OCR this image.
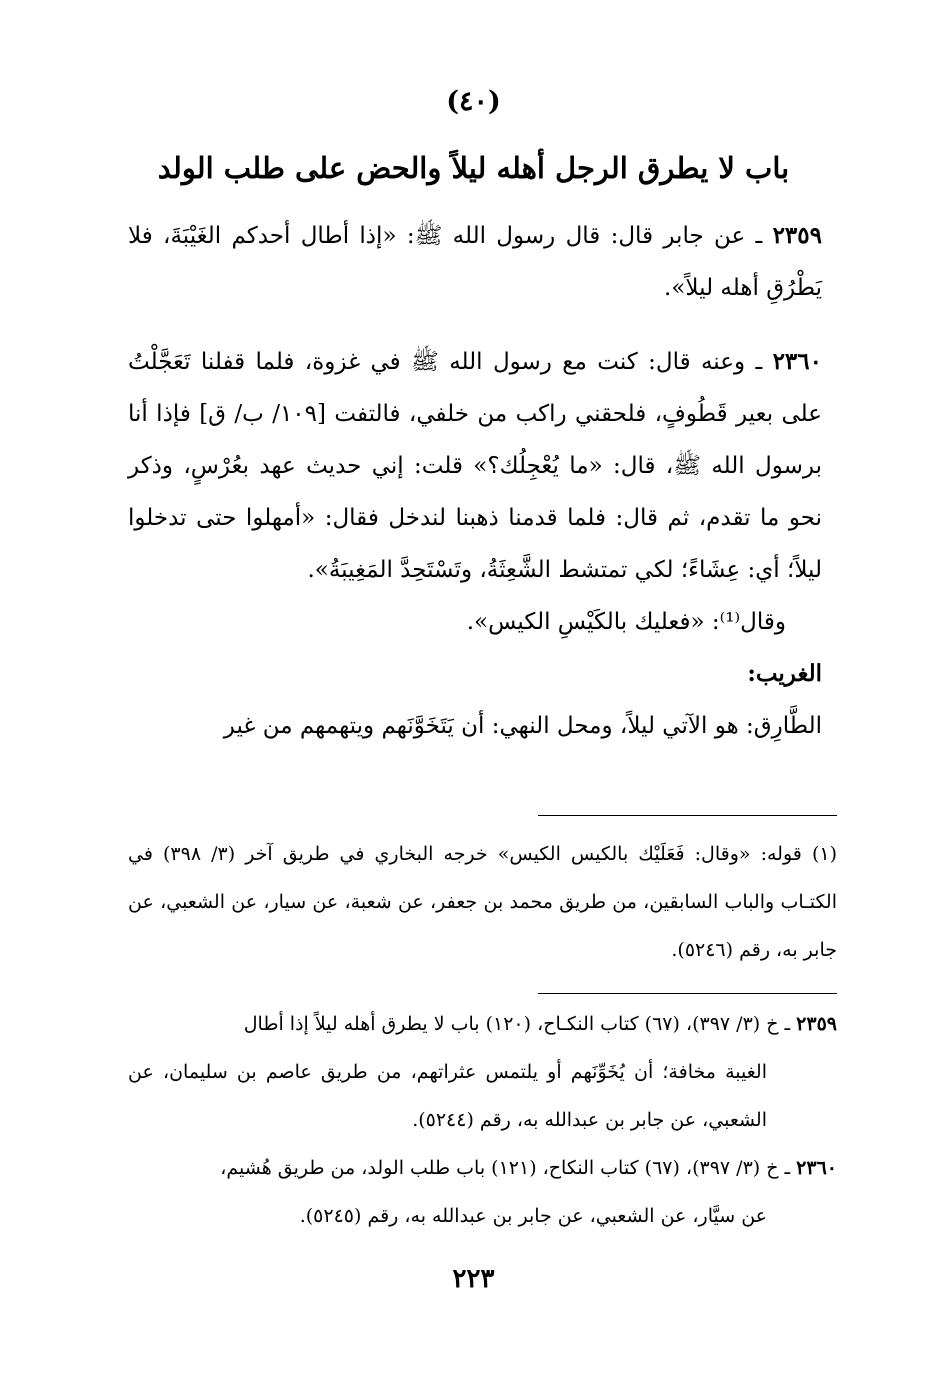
(٤٠)
باب لا يطرق الرجل أهله ليلاً والحض على طلب الولد

٢٣٥٩ ـ عن جابر قال: قال رسول الله ﷺ: «إذا أطال أحدكم الغَيْبَةَ، فلا يَطْرُقِ أهله ليلاً».

٢٣٦٠ ـ وعنه قال: كنت مع رسول الله ﷺ في غزوة، فلما قفلنا تَعَجَّلْتُ على بعير قَطُوفٍ، فلحقني راكب من خلفي، فالتفت [١٠٩/ ب/ ق] فإذا أنا برسول الله ﷺ، قال: «ما يُعْجِلُك؟» قلت: إني حديث عهد بعُرْسٍ، وذكر نحو ما تقدم، ثم قال: فلما قدمنا ذهبنا لندخل فقال: «أمهلوا حتى تدخلوا ليلاً؛ أي: عِشَاءً؛ لكي تمتشط الشَّعِثَةُ، وتَسْتَحِدَّ المَغِيبَةُ».

وقال⁽¹⁾: «فعليك بالكَيْسِ الكيس».

الغريب:

الطَّارِق: هو الآتي ليلاً، ومحل النهي: أن يَتَخَوَّنَهم ويتهمهم من غير

(١) قوله: «وقال: فَعَلَيْك بالكيس الكيس» خرجه البخاري في طريق آخر (٣/ ٣٩٨) في الكتـاب والباب السابقين، من طريق محمد بن جعفر، عن شعبة، عن سيار، عن الشعبي، عن جابر به، رقم (٥٢٤٦).

٢٣٥٩ ـ خ (٣/ ٣٩٧)، (٦٧) كتاب النكـاح، (١٢٠) باب لا يطرق أهله ليلاً إذا أطال

الغيبة مخافة؛ أن يُخَوِّنَهم أو يلتمس عثراتهم، من طريق عاصم بن سليمان، عن الشعبي، عن جابر بن عبدالله به، رقم (٥٢٤٤).

٢٣٦٠ ـ خ (٣/ ٣٩٧)، (٦٧) كتاب النكاح، (١٢١) باب طلب الولد، من طريق هُشيم،

عن سيَّار، عن الشعبي، عن جابر بن عبدالله به، رقم (٥٢٤٥).

٢٢٣
